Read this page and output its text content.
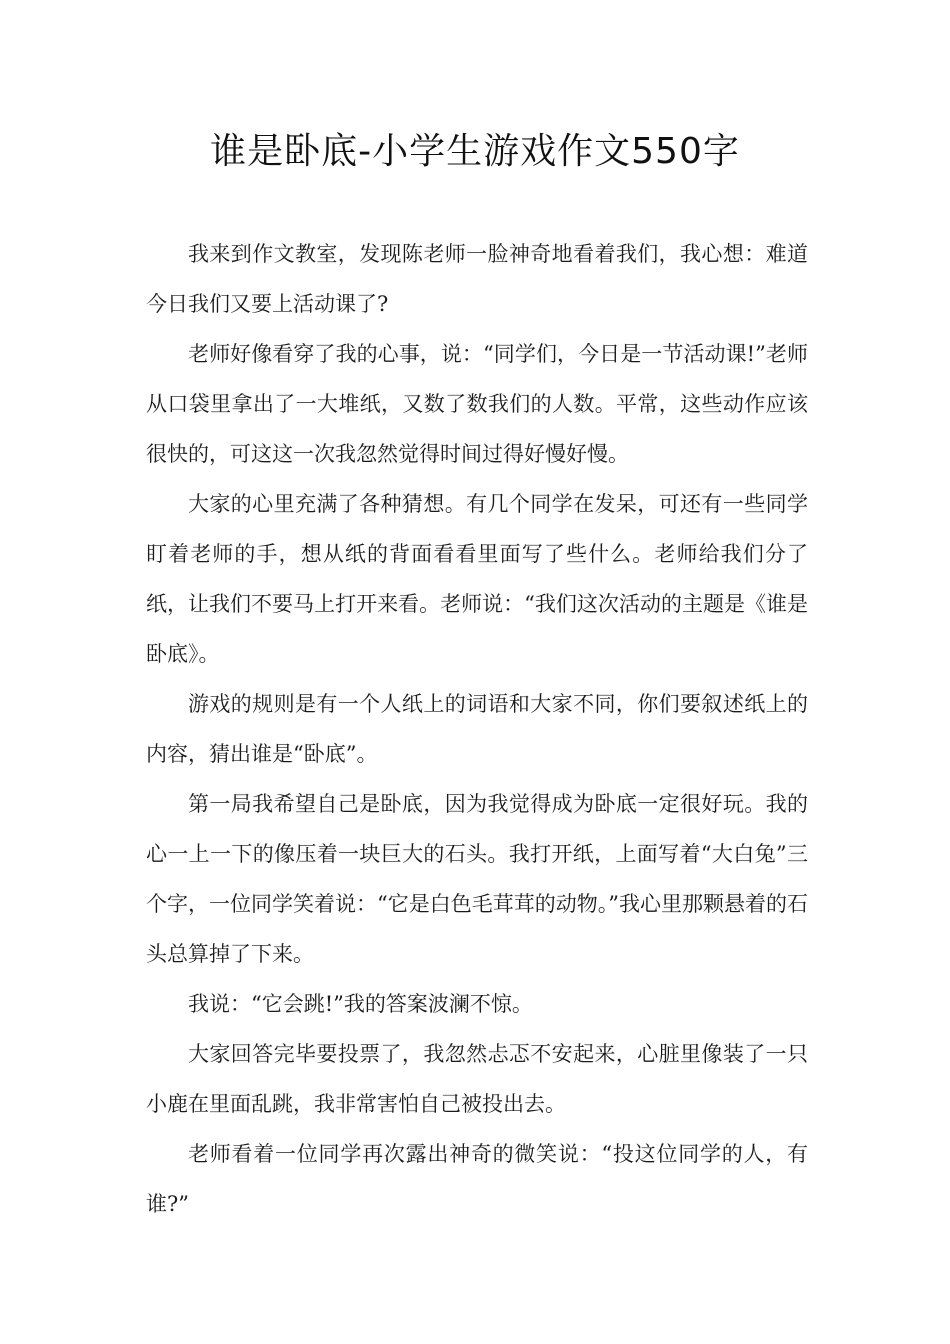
谁是卧底-小学生游戏作文550字

我来到作文教室，发现陈老师一脸神奇地看着我们，我心想：难道今日我们又要上活动课了?

老师好像看穿了我的心事，说：“同学们，今日是一节活动课!”老师从口袋里拿出了一大堆纸，又数了数我们的人数。平常，这些动作应该很快的，可这这一次我忽然觉得时间过得好慢好慢。

大家的心里充满了各种猜想。有几个同学在发呆，可还有一些同学盯着老师的手，想从纸的背面看看里面写了些什么。老师给我们分了纸，让我们不要马上打开来看。老师说：“我们这次活动的主题是《谁是卧底》。

游戏的规则是有一个人纸上的词语和大家不同，你们要叙述纸上的内容，猜出谁是“卧底”。

第一局我希望自己是卧底，因为我觉得成为卧底一定很好玩。我的心一上一下的像压着一块巨大的石头。我打开纸，上面写着“大白兔”三个字，一位同学笑着说：“它是白色毛茸茸的动物。”我心里那颗悬着的石头总算掉了下来。

我说：“它会跳!”我的答案波澜不惊。

大家回答完毕要投票了，我忽然忐忑不安起来，心脏里像装了一只小鹿在里面乱跳，我非常害怕自己被投出去。

老师看着一位同学再次露出神奇的微笑说：“投这位同学的人，有谁?”
